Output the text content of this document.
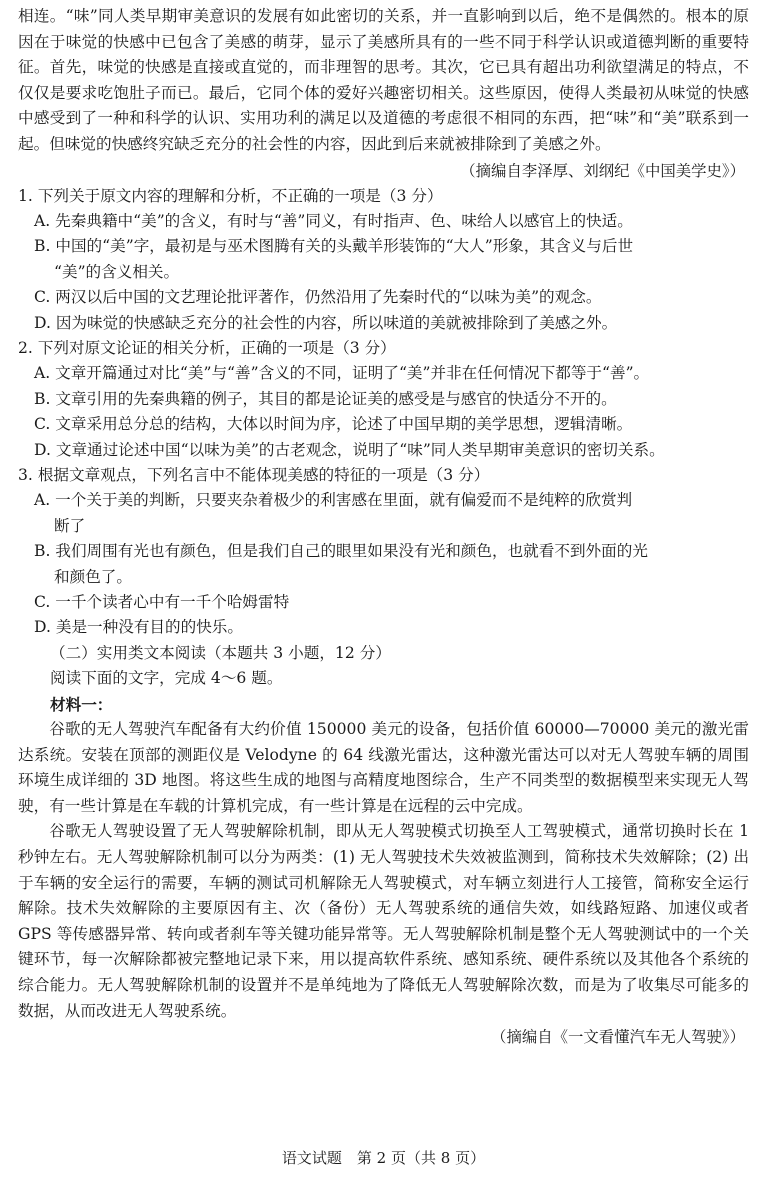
相连。“味”同人类早期审美意识的发展有如此密切的关系，并一直影响到以后，绝不是偶然的。根本的原因在于味觉的快感中已包含了美感的萌芽，显示了美感所具有的一些不同于科学认识或道德判断的重要特征。首先，味觉的快感是直接或直觉的，而非理智的思考。其次，它已具有超出功利欲望满足的特点，不仅仅是要求吃饱肚子而已。最后，它同个体的爱好兴趣密切相关。这些原因，使得人类最初从味觉的快感中感受到了一种和科学的认识、实用功利的满足以及道德的考虑很不相同的东西，把“味”和“美”联系到一起。但味觉的快感终究缺乏充分的社会性的内容，因此到后来就被排除到了美感之外。

（摘编自李泽厚、刘纲纪《中国美学史》）

1. 下列关于原文内容的理解和分析，不正确的一项是（3 分）

A. 先秦典籍中“美”的含义，有时与“善”同义，有时指声、色、味给人以感官上的快适。

B. 中国的“美”字，最初是与巫术图腾有关的头戴羊形装饰的“大人”形象，其含义与后世
“美”的含义相关。

C. 两汉以后中国的文艺理论批评著作，仍然沿用了先秦时代的“以味为美”的观念。

D. 因为味觉的快感缺乏充分的社会性的内容，所以味道的美就被排除到了美感之外。

2. 下列对原文论证的相关分析，正确的一项是（3 分）

A. 文章开篇通过对比“美”与“善”含义的不同，证明了“美”并非在任何情况下都等于“善”。

B. 文章引用的先秦典籍的例子，其目的都是论证美的感受是与感官的快适分不开的。

C. 文章采用总分总的结构，大体以时间为序，论述了中国早期的美学思想，逻辑清晰。

D. 文章通过论述中国“以味为美”的古老观念，说明了“味”同人类早期审美意识的密切关系。

3. 根据文章观点，下列名言中不能体现美感的特征的一项是（3 分）

A. 一个关于美的判断，只要夹杂着极少的利害感在里面，就有偏爱而不是纯粹的欣赏判
断了

B. 我们周围有光也有颜色，但是我们自己的眼里如果没有光和颜色，也就看不到外面的光
和颜色了。

C. 一千个读者心中有一千个哈姆雷特

D. 美是一种没有目的的快乐。

（二）实用类文本阅读（本题共 3 小题，12 分）

阅读下面的文字，完成 4～6 题。

材料一：

谷歌的无人驾驶汽车配备有大约价值 150000 美元的设备，包括价值 60000—70000 美元的激光雷达系统。安装在顶部的测距仪是 Velodyne 的 64 线激光雷达，这种激光雷达可以对无人驾驶车辆的周围环境生成详细的 3D 地图。将这些生成的地图与高精度地图综合，生产不同类型的数据模型来实现无人驾驶，有一些计算是在车载的计算机完成，有一些计算是在远程的云中完成。

谷歌无人驾驶设置了无人驾驶解除机制，即从无人驾驶模式切换至人工驾驶模式，通常切换时长在 1 秒钟左右。无人驾驶解除机制可以分为两类：(1) 无人驾驶技术失效被监测到，简称技术失效解除；(2) 出于车辆的安全运行的需要，车辆的测试司机解除无人驾驶模式，对车辆立刻进行人工接管，简称安全运行解除。技术失效解除的主要原因有主、次（备份）无人驾驶系统的通信失效，如线路短路、加速仪或者 GPS 等传感器异常、转向或者刹车等关键功能异常等。无人驾驶解除机制是整个无人驾驶测试中的一个关键环节，每一次解除都被完整地记录下来，用以提高软件系统、感知系统、硬件系统以及其他各个系统的综合能力。无人驾驶解除机制的设置并不是单纯地为了降低无人驾驶解除次数，而是为了收集尽可能多的数据，从而改进无人驾驶系统。

（摘编自《一文看懂汽车无人驾驶》）

语文试题　第 2 页（共 8 页）
